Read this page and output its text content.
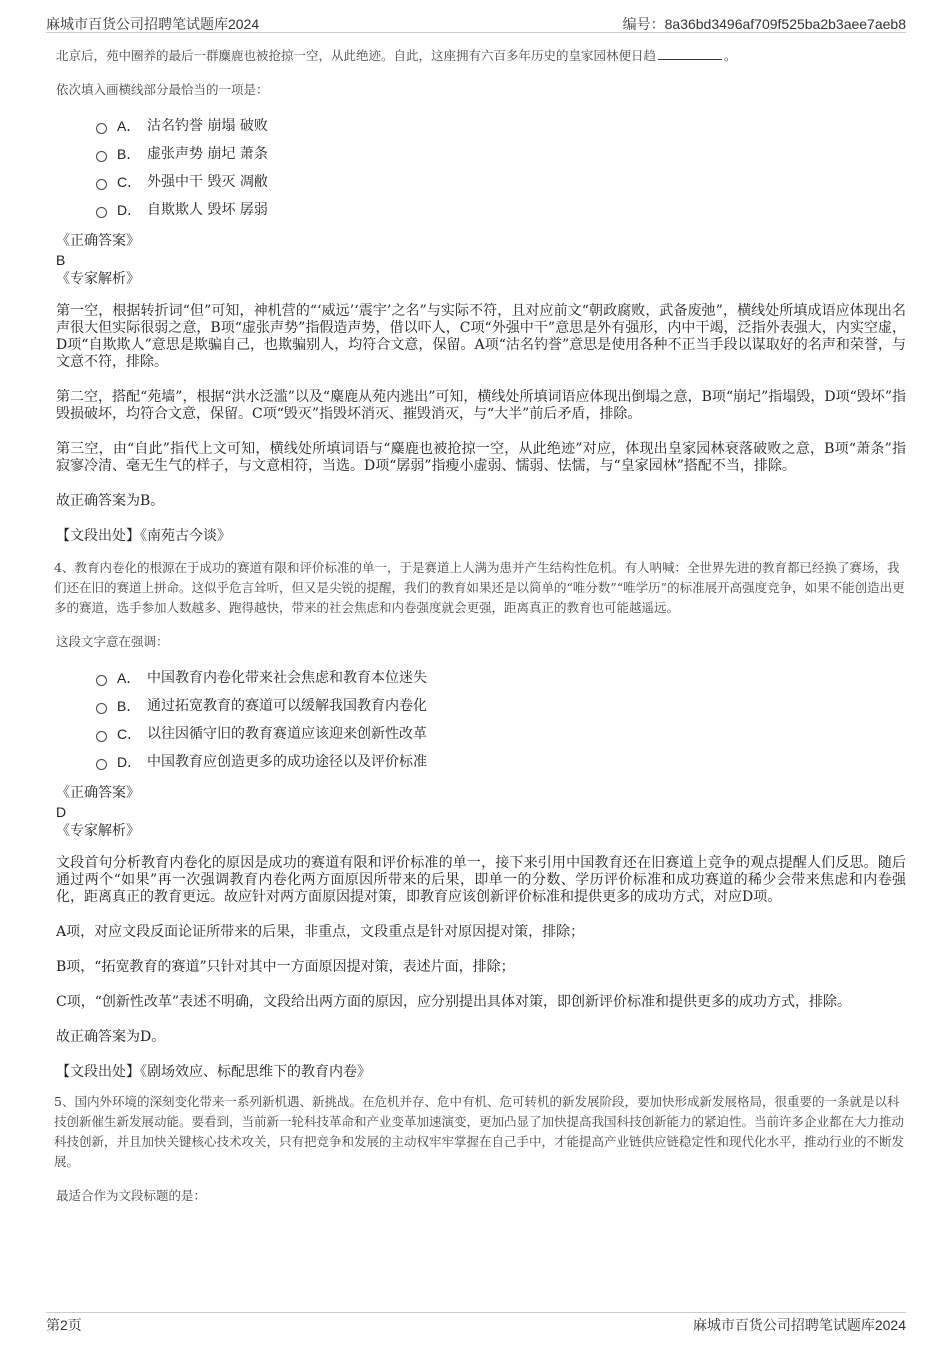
麻城市百货公司招聘笔试题库2024	编号：8a36bd3496af709f525ba2b3aee7aeb8

北京后，苑中圈养的最后一群麋鹿也被抢掠一空，从此绝迹。自此，这座拥有六百多年历史的皇家园林便日趋	。

依次填入画横线部分最恰当的一项是：

A． 沽名钓誉 崩塌 破败
B． 虚张声势 崩圮 萧条
C． 外强中干 毁灭 凋敝
D． 自欺欺人 毁坏 孱弱

《正确答案》

B

《专家解析》

第一空，根据转折词“但”可知，神机营的“‘威远’‘震宇’之名”与实际不符，且对应前文“朝政腐败，武备废弛”，横线处所填成语应体现出名声很大但实际很弱之意，B项“虚张声势”指假造声势，借以吓人，C项“外强中干”意思是外有强形，内中干竭，泛指外表强大，内实空虚，D项“自欺欺人”意思是欺骗自己，也欺骗别人，均符合文意，保留。A项“沽名钓誉”意思是使用各种不正当手段以谋取好的名声和荣誉，与文意不符，排除。

第二空，搭配“苑墙”，根据“洪水泛滥”以及“麋鹿从苑内逃出”可知，横线处所填词语应体现出倒塌之意，B项“崩圮”指塌毁，D项“毁坏”指毁损破坏，均符合文意，保留。C项“毁灭”指毁坏消灭、摧毁消灭，与“大半”前后矛盾，排除。

第三空，由“自此”指代上文可知，横线处所填词语与“麋鹿也被抢掠一空，从此绝迹”对应，体现出皇家园林衰落破败之意，B项“萧条”指寂寥冷清、毫无生气的样子，与文意相符，当选。D项“孱弱”指瘦小虚弱、懦弱、怯懦，与“皇家园林”搭配不当，排除。

故正确答案为B。

【文段出处】《南苑古今谈》

4、教育内卷化的根源在于成功的赛道有限和评价标准的单一，于是赛道上人满为患并产生结构性危机。有人呐喊：全世界先进的教育都已经换了赛场，我们还在旧的赛道上拼命。这似乎危言耸听，但又是尖锐的提醒，我们的教育如果还是以简单的“唯分数”“唯学历”的标准展开高强度竞争，如果不能创造出更多的赛道，选手参加人数越多、跑得越快，带来的社会焦虑和内卷强度就会更强，距离真正的教育也可能越遥远。

这段文字意在强调：

A． 中国教育内卷化带来社会焦虑和教育本位迷失
B． 通过拓宽教育的赛道可以缓解我国教育内卷化
C． 以往因循守旧的教育赛道应该迎来创新性改革
D． 中国教育应创造更多的成功途径以及评价标准

《正确答案》

D

《专家解析》

文段首句分析教育内卷化的原因是成功的赛道有限和评价标准的单一，接下来引用中国教育还在旧赛道上竞争的观点提醒人们反思。随后通过两个“如果”再一次强调教育内卷化两方面原因所带来的后果，即单一的分数、学历评价标准和成功赛道的稀少会带来焦虑和内卷强化，距离真正的教育更远。故应针对两方面原因提对策，即教育应该创新评价标准和提供更多的成功方式，对应D项。

A项，对应文段反面论证所带来的后果，非重点，文段重点是针对原因提对策，排除；

B项，“拓宽教育的赛道”只针对其中一方面原因提对策，表述片面，排除；

C项，“创新性改革”表述不明确，文段给出两方面的原因，应分别提出具体对策，即创新评价标准和提供更多的成功方式，排除。

故正确答案为D。

【文段出处】《剧场效应、标配思维下的教育内卷》

5、国内外环境的深刻变化带来一系列新机遇、新挑战。在危机并存、危中有机、危可转机的新发展阶段，要加快形成新发展格局，很重要的一条就是以科技创新催生新发展动能。要看到，当前新一轮科技革命和产业变革加速演变，更加凸显了加快提高我国科技创新能力的紧迫性。当前许多企业都在大力推动科技创新，并且加快关键核心技术攻关，只有把竞争和发展的主动权牢牢掌握在自己手中，才能提高产业链供应链稳定性和现代化水平，推动行业的不断发展。

最适合作为文段标题的是：

第2页	麻城市百货公司招聘笔试题库2024
